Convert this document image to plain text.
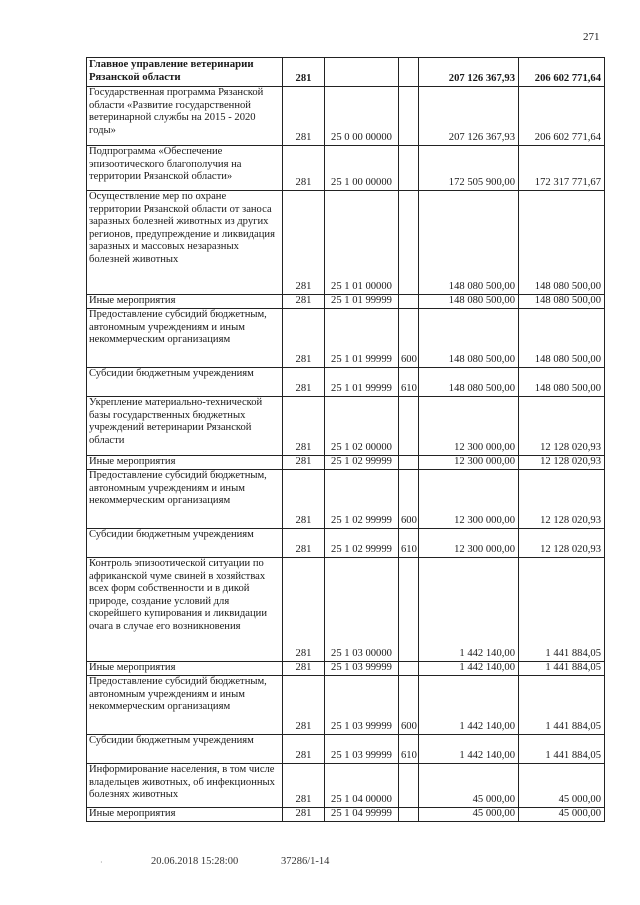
271
Главное управление ветеринарии Рязанской области	281			207 126 367,93	206 602 771,64
Государственная программа Рязанской области «Развитие государственной ветеринарной службы на 2015 - 2020 годы»	281	25 0 00 00000		207 126 367,93	206 602 771,64
Подпрограмма «Обеспечение эпизоотического благополучия на территории Рязанской области»	281	25 1 00 00000		172 505 900,00	172 317 771,67
Осуществление мер по охране территории Рязанской области от заноса заразных болезней животных из других регионов, предупреждение и ликвидация заразных и массовых незаразных болезней животных	281	25 1 01 00000		148 080 500,00	148 080 500,00
Иные мероприятия	281	25 1 01 99999		148 080 500,00	148 080 500,00
Предоставление субсидий бюджетным, автономным учреждениям и иным некоммерческим организациям	281	25 1 01 99999	600	148 080 500,00	148 080 500,00
Субсидии бюджетным учреждениям	281	25 1 01 99999	610	148 080 500,00	148 080 500,00
Укрепление материально-технической базы государственных бюджетных учреждений ветеринарии Рязанской области	281	25 1 02 00000		12 300 000,00	12 128 020,93
Иные мероприятия	281	25 1 02 99999		12 300 000,00	12 128 020,93
Предоставление субсидий бюджетным, автономным учреждениям и иным некоммерческим организациям	281	25 1 02 99999	600	12 300 000,00	12 128 020,93
Субсидии бюджетным учреждениям	281	25 1 02 99999	610	12 300 000,00	12 128 020,93
Контроль эпизоотической ситуации по африканской чуме свиней в хозяйствах всех форм собственности и в дикой природе, создание условий для скорейшего купирования и ликвидации очага в случае его возникновения	281	25 1 03 00000		1 442 140,00	1 441 884,05
Иные мероприятия	281	25 1 03 99999		1 442 140,00	1 441 884,05
Предоставление субсидий бюджетным, автономным учреждениям и иным некоммерческим организациям	281	25 1 03 99999	600	1 442 140,00	1 441 884,05
Субсидии бюджетным учреждениям	281	25 1 03 99999	610	1 442 140,00	1 441 884,05
Информирование населения, в том числе владельцев животных, об инфекционных болезнях животных	281	25 1 04 00000		45 000,00	45 000,00
Иные мероприятия	281	25 1 04 99999		45 000,00	45 000,00
·	20.06.2018 15:28:00	37286/1-14
